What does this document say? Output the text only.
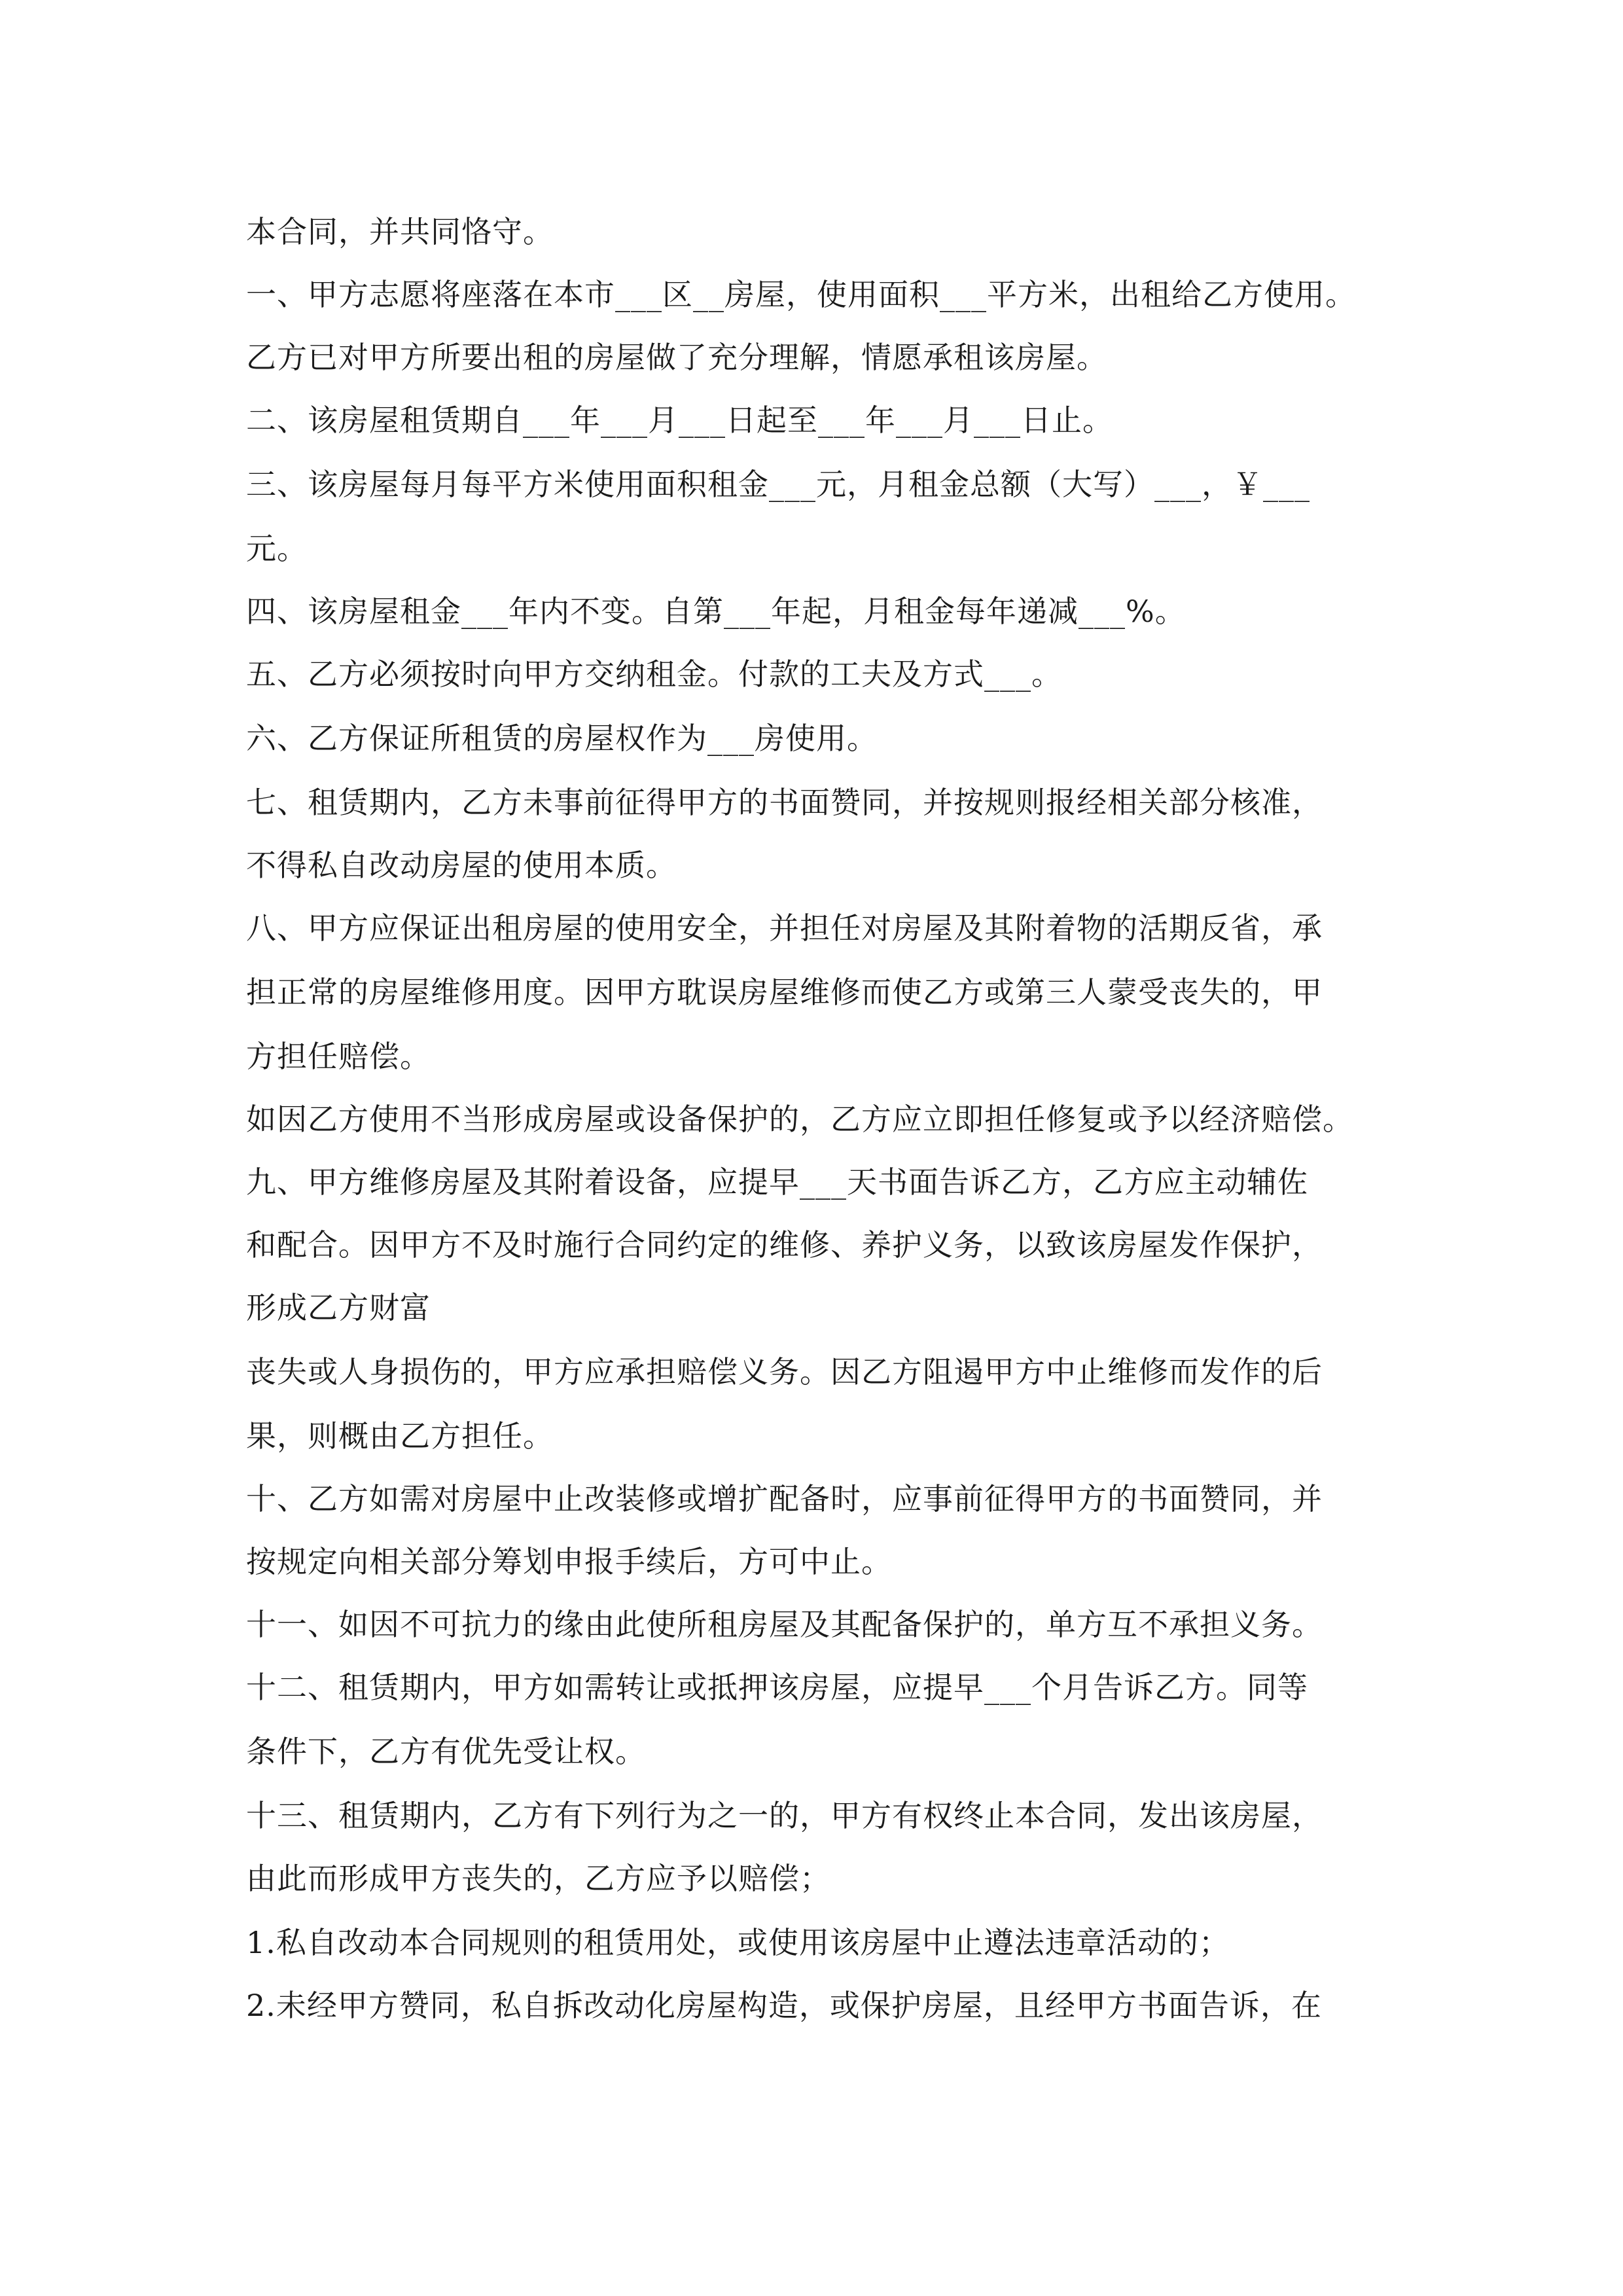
本合同，并共同恪守。
一、甲方志愿将座落在本市___区__房屋，使用面积___平方米，出租给乙方使用。
乙方已对甲方所要出租的房屋做了充分理解，情愿承租该房屋。
二、该房屋租赁期自___年___月___日起至___年___月___日止。
三、该房屋每月每平方米使用面积租金___元，月租金总额（大写）___，￥___
元。
四、该房屋租金___年内不变。自第___年起，月租金每年递减___%。
五、乙方必须按时向甲方交纳租金。付款的工夫及方式___。
六、乙方保证所租赁的房屋权作为___房使用。
七、租赁期内，乙方未事前征得甲方的书面赞同，并按规则报经相关部分核准，
不得私自改动房屋的使用本质。
八、甲方应保证出租房屋的使用安全，并担任对房屋及其附着物的活期反省，承
担正常的房屋维修用度。因甲方耽误房屋维修而使乙方或第三人蒙受丧失的，甲
方担任赔偿。
如因乙方使用不当形成房屋或设备保护的，乙方应立即担任修复或予以经济赔偿。
九、甲方维修房屋及其附着设备，应提早___天书面告诉乙方，乙方应主动辅佐
和配合。因甲方不及时施行合同约定的维修、养护义务，以致该房屋发作保护，
形成乙方财富
丧失或人身损伤的，甲方应承担赔偿义务。因乙方阻遏甲方中止维修而发作的后
果，则概由乙方担任。
十、乙方如需对房屋中止改装修或增扩配备时，应事前征得甲方的书面赞同，并
按规定向相关部分筹划申报手续后，方可中止。
十一、如因不可抗力的缘由此使所租房屋及其配备保护的，单方互不承担义务。
十二、租赁期内，甲方如需转让或抵押该房屋，应提早___个月告诉乙方。同等
条件下，乙方有优先受让权。
十三、租赁期内，乙方有下列行为之一的，甲方有权终止本合同，发出该房屋，
由此而形成甲方丧失的，乙方应予以赔偿；
1.私自改动本合同规则的租赁用处，或使用该房屋中止遵法违章活动的；
2.未经甲方赞同，私自拆改动化房屋构造，或保护房屋，且经甲方书面告诉，在
